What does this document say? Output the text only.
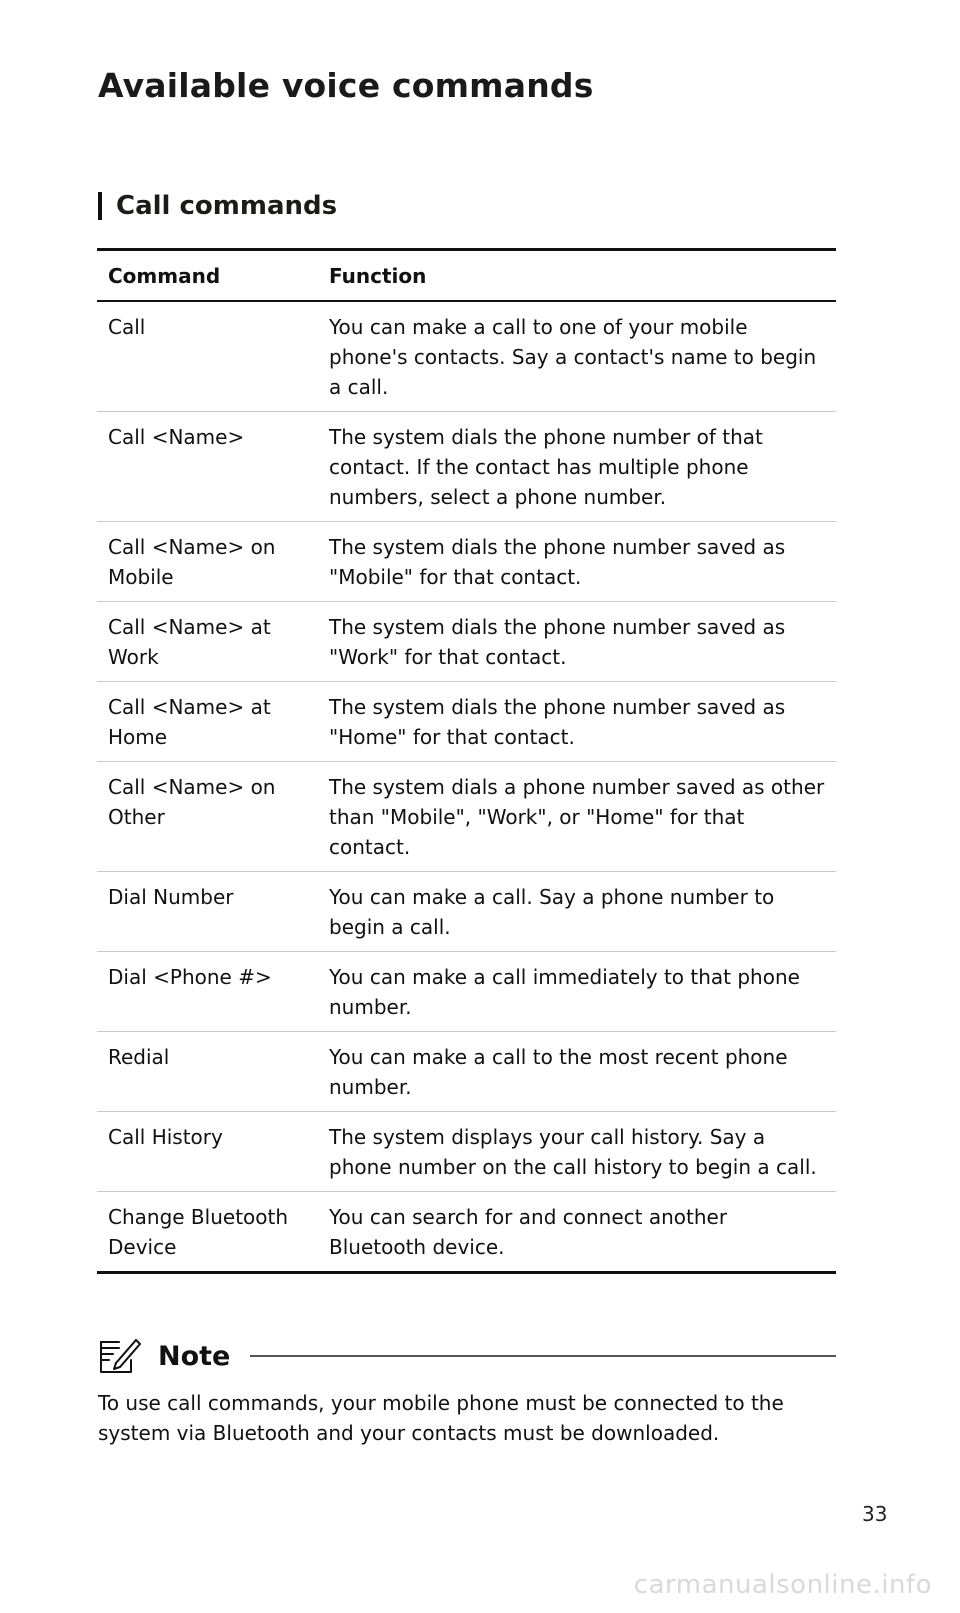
Available voice commands
Call commands
Command	Function
Call	You can make a call to one of your mobile phone's contacts. Say a contact's name to begin a call.
Call <Name>	The system dials the phone number of that contact. If the contact has multiple phone numbers, select a phone number.
Call <Name> on Mobile	The system dials the phone number saved as "Mobile" for that contact.
Call <Name> at Work	The system dials the phone number saved as "Work" for that contact.
Call <Name> at Home	The system dials the phone number saved as "Home" for that contact.
Call <Name> on Other	The system dials a phone number saved as other than "Mobile", "Work", or "Home" for that contact.
Dial Number	You can make a call. Say a phone number to begin a call.
Dial <Phone #>	You can make a call immediately to that phone number.
Redial	You can make a call to the most recent phone number.
Call History	The system displays your call history. Say a phone number on the call history to begin a call.
Change Bluetooth Device	You can search for and connect another Bluetooth device.
Note

To use call commands, your mobile phone must be connected to the system via Bluetooth and your contacts must be downloaded.

33
carmanualsonline.info
